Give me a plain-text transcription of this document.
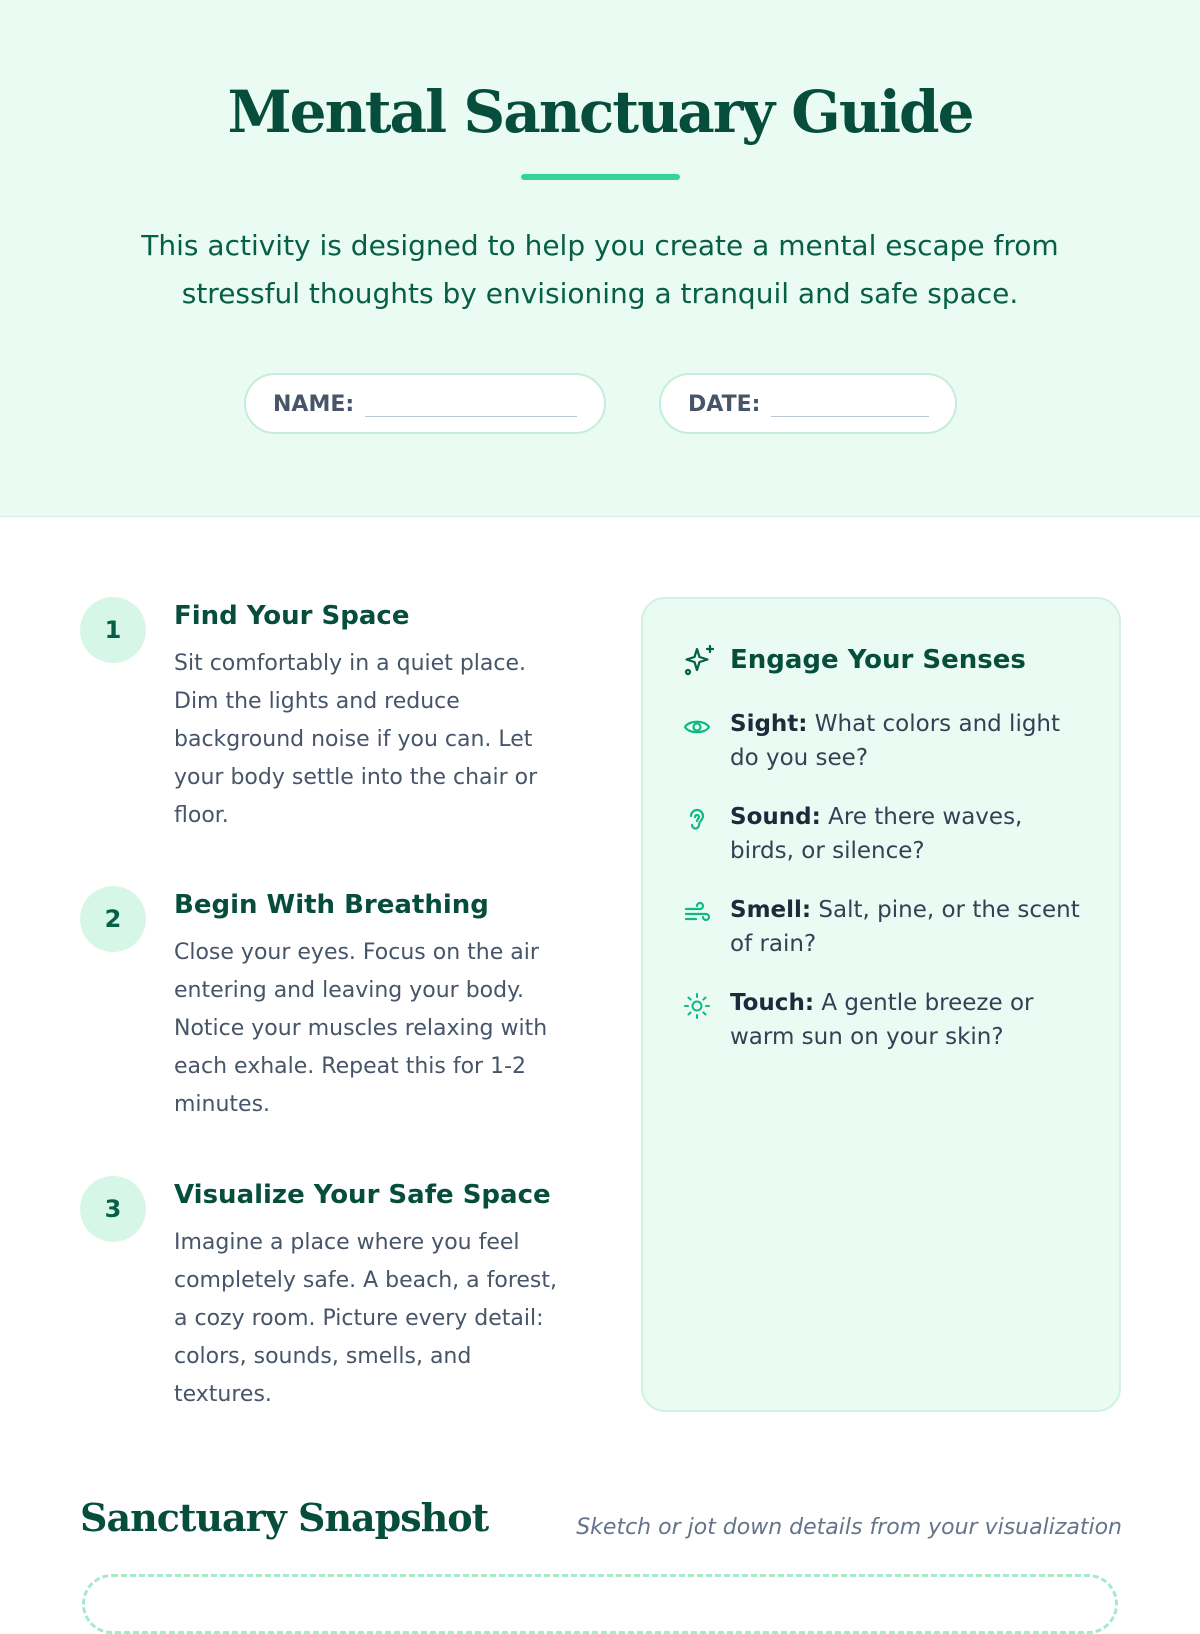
Mental Sanctuary Guide
This activity is designed to help you create a mental escape from stressful thoughts by envisioning a tranquil and safe space.
NAME:	DATE:
1	Find Your Space
Sit comfortably in a quiet place. Dim the lights and reduce background noise if you can. Let your body settle into the chair or floor.
2	Begin With Breathing
Close your eyes. Focus on the air entering and leaving your body. Notice your muscles relaxing with each exhale. Repeat this for 1-2 minutes.
3	Visualize Your Safe Space
Imagine a place where you feel completely safe. A beach, a forest, a cozy room. Picture every detail: colors, sounds, smells, and textures.
Engage Your Senses
Sight: What colors and light do you see?
Sound: Are there waves, birds, or silence?
Smell: Salt, pine, or the scent of rain?
Touch: A gentle breeze or warm sun on your skin?
Sanctuary Snapshot	Sketch or jot down details from your visualization
